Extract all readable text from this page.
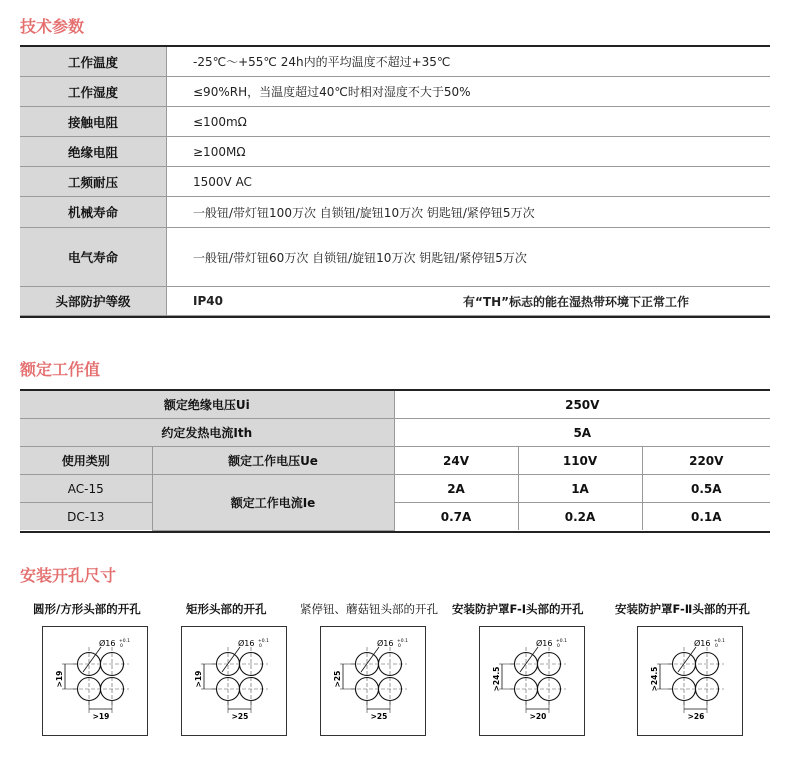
技术参数
工作温度	-25℃～+55℃ 24h内的平均温度不超过+35℃
工作湿度	≤90%RH，当温度超过40℃时相对湿度不大于50%
接触电阻	≤100mΩ
绝缘电阻	≥100MΩ
工频耐压	1500V AC
机械寿命	一般钮/带灯钮100万次 自锁钮/旋钮10万次 钥匙钮/紧停钮5万次
电气寿命	一般钮/带灯钮60万次 自锁钮/旋钮10万次 钥匙钮/紧停钮5万次
头部防护等级	IP40	有“TH”标志的能在湿热带环境下正常工作
额定工作值
额定绝缘电压Ui		250V		
约定发热电流Ith		5A		
使用类别	额定工作电压Ue	24V	110V	220V
AC-15	额定工作电流Ie	2A	1A	0.5A
DC-13		0.7A	0.2A	0.1A
安装开孔尺寸
圆形/方形头部的开孔	矩形头部的开孔	紧停钮、蘑菇钮头部的开孔 安装防护罩F-Ⅰ头部的开孔	安装防护罩F-Ⅱ头部的开孔
Ø16 +0.1
0
>19
>19
Ø16 +0.1
0
>19
>25
Ø16 +0.1
0
>25
>25
Ø16 +0.1
0
>24.5
>20
Ø16 +0.1
0
>24.5
>26
